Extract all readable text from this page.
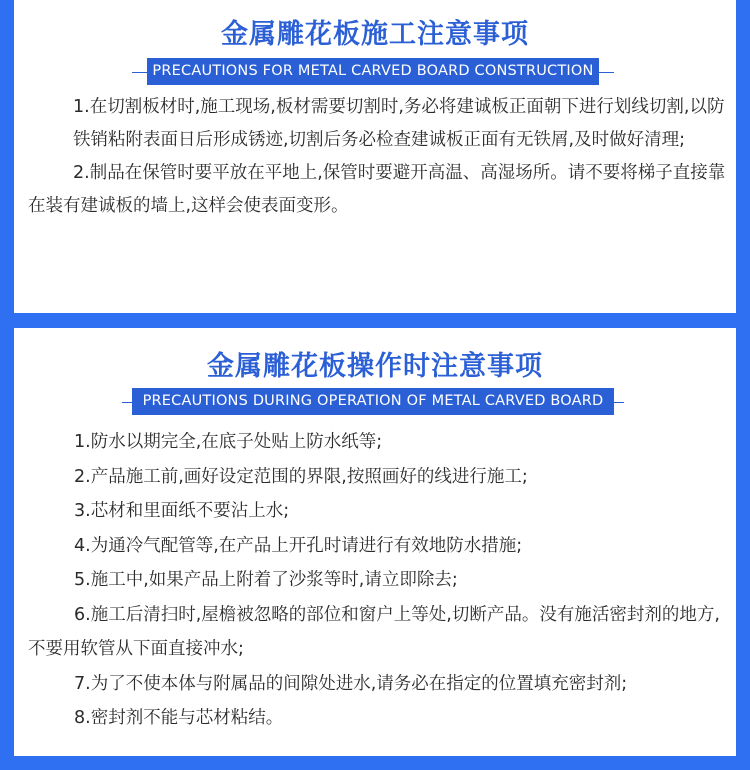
金属雕花板施工注意事项
PRECAUTIONS FOR METAL CARVED BOARD CONSTRUCTION

1.在切割板材时,施工现场,板材需要切割时,务必将建诚板正面朝下进行划线切割,以防

铁销粘附表面日后形成锈迹,切割后务必检查建诚板正面有无铁屑,及时做好清理;

2.制品在保管时要平放在平地上,保管时要避开高温、高湿场所。请不要将梯子直接靠在装有建诚板的墙上,这样会使表面变形。

金属雕花板操作时注意事项
PRECAUTIONS DURING OPERATION OF METAL CARVED BOARD

1.防水以期完全,在底子处贴上防水纸等;

2.产品施工前,画好设定范围的界限,按照画好的线进行施工;

3.芯材和里面纸不要沾上水;

4.为通冷气配管等,在产品上开孔时请进行有效地防水措施;

5.施工中,如果产品上附着了沙浆等时,请立即除去;

6.施工后清扫时,屋檐被忽略的部位和窗户上等处,切断产品。没有施活密封剂的地方,不要用软管从下面直接冲水;

7.为了不使本体与附属品的间隙处进水,请务必在指定的位置填充密封剂;

8.密封剂不能与芯材粘结。
